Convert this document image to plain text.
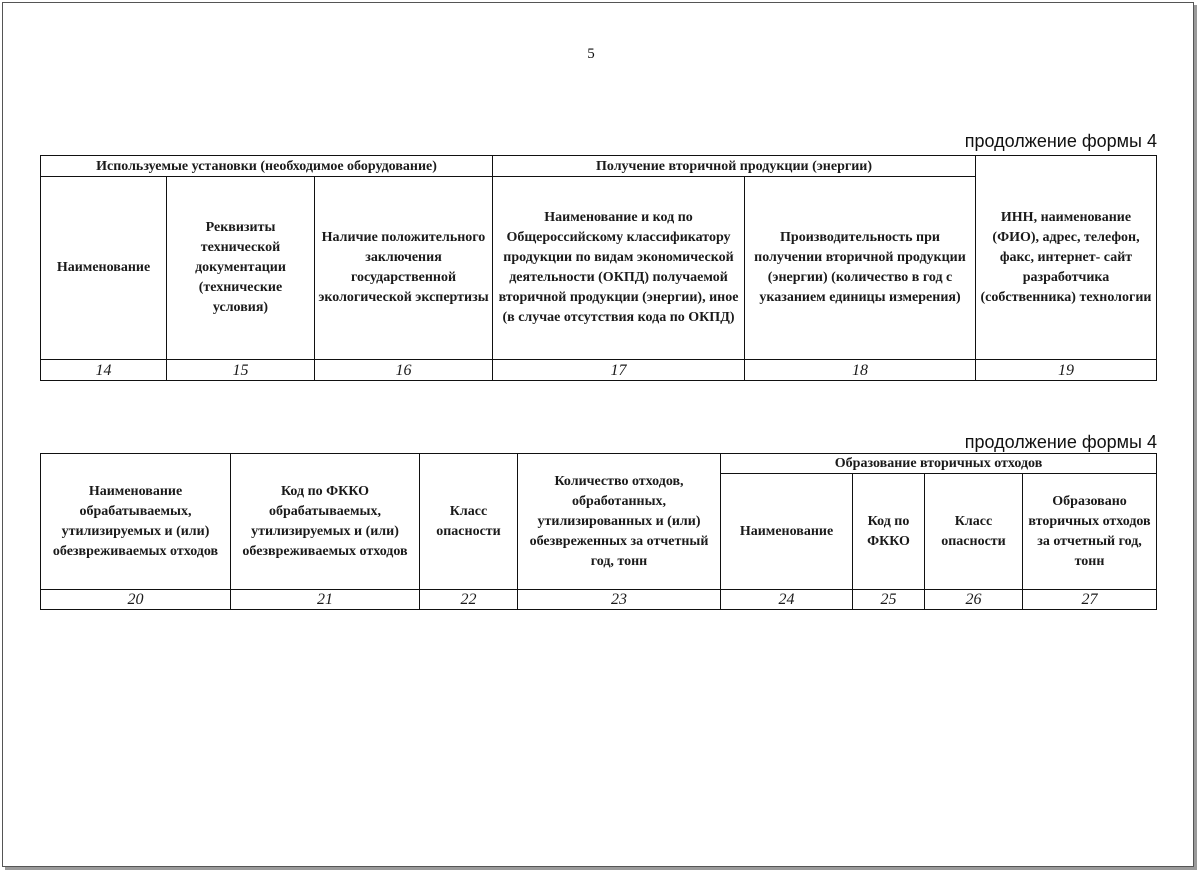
5
продолжение формы 4
Используемые установки (необходимое оборудование)			Получение вторичной продукции (энергии)		ИНН, наименование (ФИО), адрес, телефон, факс, интернет- сайт разработчика (собственника) технологии
Наименование	Реквизиты технической документации (технические условия)	Наличие положительного заключения государственной экологической экспертизы	Наименование и код по Общероссийскому классификатору продукции по видам экономической деятельности (ОКПД) получаемой вторичной продукции (энергии), иное (в случае отсутствия кода по ОКПД)	Производительность при получении вторичной продукции (энергии) (количество в год с указанием единицы измерения)	
14	15	16	17	18	19
продолжение формы 4
Наименование обрабатываемых, утилизируемых и (или) обезвреживаемых отходов	Код по ФККО обрабатываемых, утилизируемых и (или) обезвреживаемых отходов	Класс опасности	Количество отходов, обработанных, утилизированных и (или) обезвреженных за отчетный год, тонн	Образование вторичных отходов			
				Наименование	Код по ФККО	Класс опасности	Образовано вторичных отходов за отчетный год, тонн
20	21	22	23	24	25	26	27
